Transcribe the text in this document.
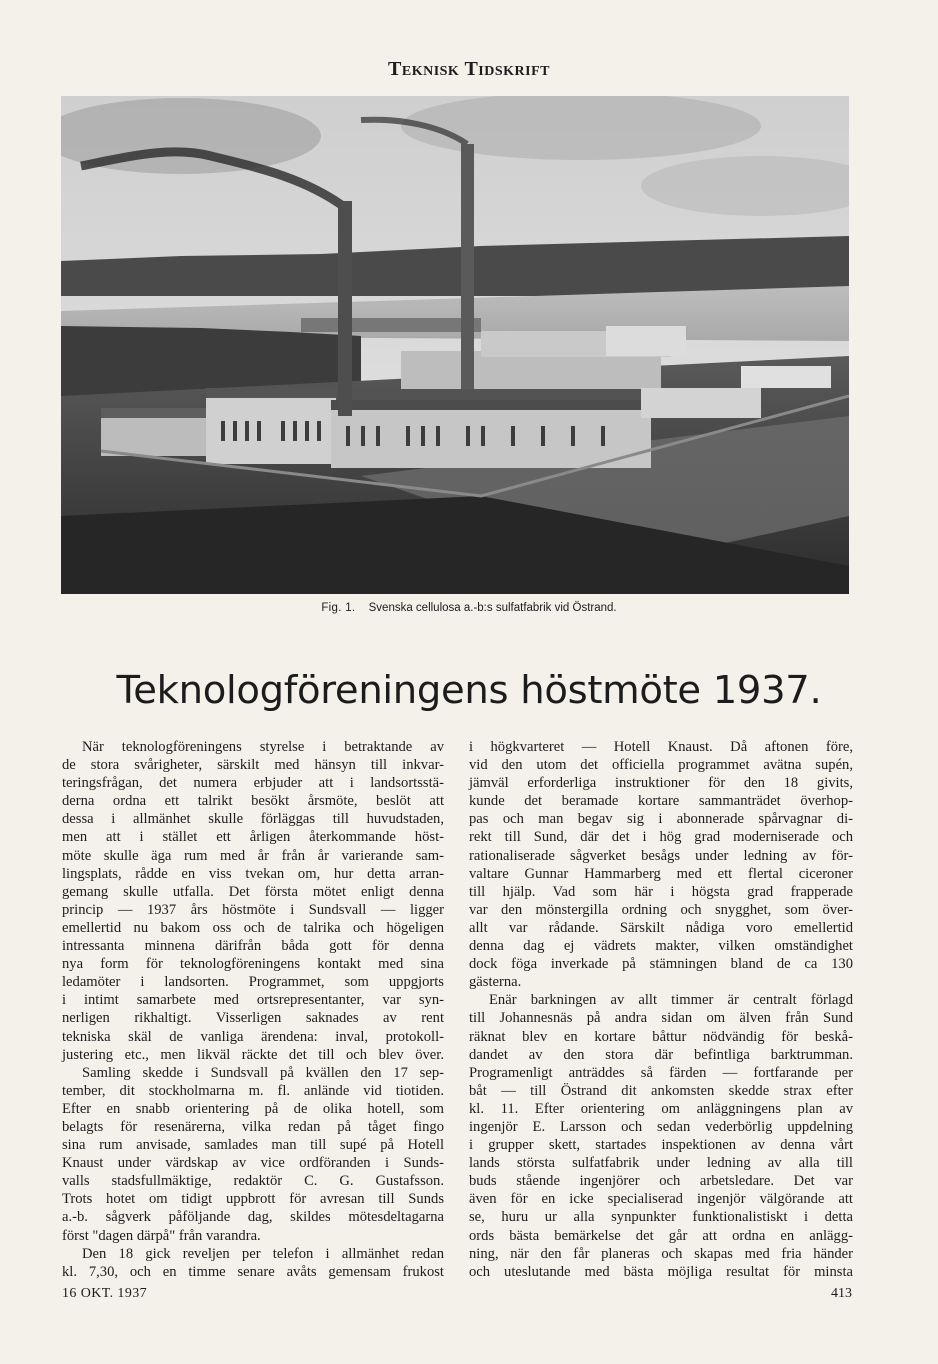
Teknisk Tidskrift
Fig. 1. Svenska cellulosa a.-b:s sulfatfabrik vid Östrand.
Teknologföreningens höstmöte 1937.
När teknologföreningens styrelse i betraktande av
de stora svårigheter, särskilt med hänsyn till inkvar-
teringsfrågan, det numera erbjuder att i landsortsstä-
derna ordna ett talrikt besökt årsmöte, beslöt att
dessa i allmänhet skulle förläggas till huvudstaden,
men att i stället ett årligen återkommande höst-
möte skulle äga rum med år från år varierande sam-
lingsplats, rådde en viss tvekan om, hur detta arran-
gemang skulle utfalla. Det första mötet enligt denna
princip — 1937 års höstmöte i Sundsvall — ligger
emellertid nu bakom oss och de talrika och högeligen
intressanta minnena därifrån båda gott för denna
nya form för teknologföreningens kontakt med sina
ledamöter i landsorten. Programmet, som uppgjorts
i intimt samarbete med ortsrepresentanter, var syn-
nerligen rikhaltigt. Visserligen saknades av rent
tekniska skäl de vanliga ärendena: inval, protokoll-
justering etc., men likväl räckte det till och blev över.
Samling skedde i Sundsvall på kvällen den 17 sep-
tember, dit stockholmarna m. fl. anlände vid tiotiden.
Efter en snabb orientering på de olika hotell, som
belagts för resenärerna, vilka redan på tåget fingo
sina rum anvisade, samlades man till supé på Hotell
Knaust under värdskap av vice ordföranden i Sunds-
valls stadsfullmäktige, redaktör C. G. Gustafsson.
Trots hotet om tidigt uppbrott för avresan till Sunds
a.-b. sågverk påföljande dag, skildes mötesdeltagarna
först "dagen därpå" från varandra.
Den 18 gick reveljen per telefon i allmänhet redan
kl. 7,30, och en timme senare avåts gemensam frukost
i högkvarteret — Hotell Knaust. Då aftonen före,
vid den utom det officiella programmet avätna supén,
jämväl erforderliga instruktioner för den 18 givits,
kunde det beramade kortare sammanträdet överhop-
pas och man begav sig i abonnerade spårvagnar di-
rekt till Sund, där det i hög grad moderniserade och
rationaliserade sågverket besågs under ledning av för-
valtare Gunnar Hammarberg med ett flertal ciceroner
till hjälp. Vad som här i högsta grad frapperade
var den mönstergilla ordning och snygghet, som över-
allt var rådande. Särskilt nådiga voro emellertid
denna dag ej vädrets makter, vilken omständighet
dock föga inverkade på stämningen bland de ca 130
gästerna.
Enär barkningen av allt timmer är centralt förlagd
till Johannesnäs på andra sidan om älven från Sund
räknat blev en kortare båttur nödvändig för beskå-
dandet av den stora där befintliga barktrumman.
Programenligt anträddes så färden — fortfarande per
båt — till Östrand dit ankomsten skedde strax efter
kl. 11. Efter orientering om anläggningens plan av
ingenjör E. Larsson och sedan vederbörlig uppdelning
i grupper skett, startades inspektionen av denna vårt
lands största sulfatfabrik under ledning av alla till
buds stående ingenjörer och arbetsledare. Det var
även för en icke specialiserad ingenjör välgörande att
se, huru ur alla synpunkter funktionalistiskt i detta
ords bästa bemärkelse det går att ordna en anlägg-
ning, när den får planeras och skapas med fria händer
och uteslutande med bästa möjliga resultat för minsta
16 OKT. 1937	413
